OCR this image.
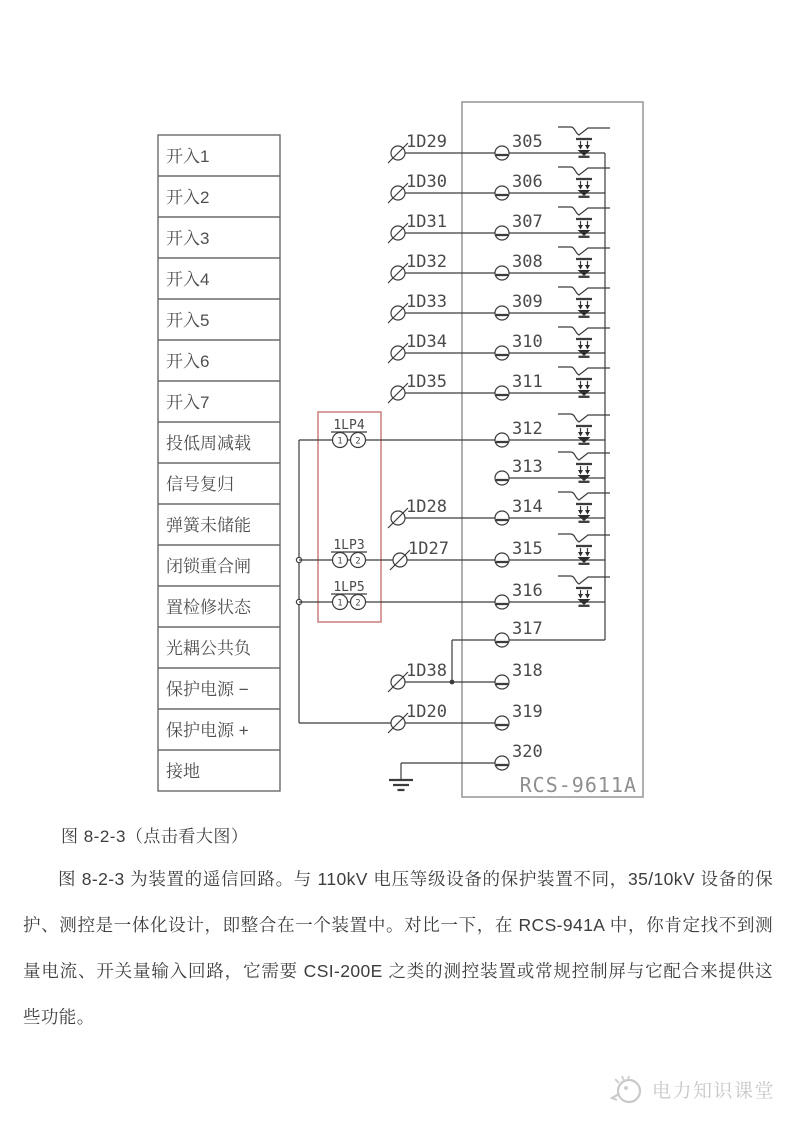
开入1
开入2
开入3
开入4
开入5
开入6
开入7
投低周减载
信号复归
弹簧未储能
闭锁重合闸
置检修状态
光耦公共负
保护电源 −
保护电源 +
接地
1D29	305
1D30	306
1D31	307
1D32	308
1D33	309
1D34	310
1D35	311
312
313
1D28	314
1D27	315
316
317
1D38	318
1D20	319
320
1LP4
1 2
1LP3
1 2
1LP5
1 2
RCS-9611A
图 8-2-3（点击看大图）

图 8-2-3 为装置的遥信回路。与 110kV 电压等级设备的保护装置不同，35/10kV 设备的保护、测控是一体化设计，即整合在一个装置中。对比一下，在 RCS-941A 中，你肯定找不到测量电流、开关量输入回路，它需要 CSI-200E 之类的测控装置或常规控制屏与它配合来提供这些功能。

电力知识课堂
